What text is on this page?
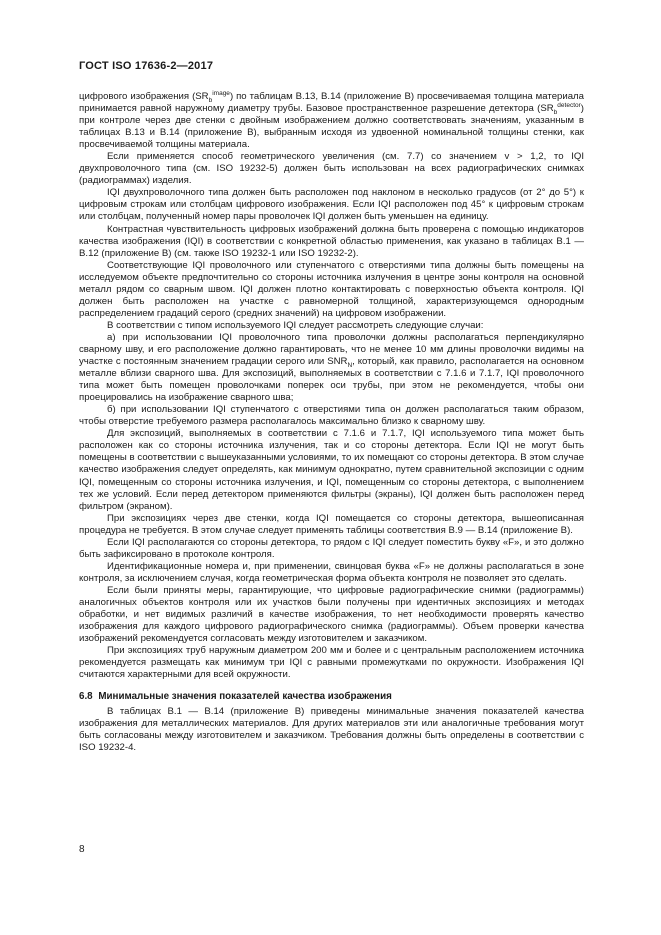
ГОСТ ISO 17636-2—2017

цифрового изображения $(SR_b^{image})$ по таблицам B.13, B.14 (приложение B) просвечиваемая толщина материала принимается равной наружному диаметру трубы. Базовое пространственное разрешение детектора $(SR_b^{detector})$ при контроле через две стенки с двойным изображением должно соответствовать значениям, указанным в таблицах B.13 и B.14 (приложение B), выбранным исходя из удвоенной номинальной толщины стенки, как просвечиваемой толщины материала.

Если применяется способ геометрического увеличения (см. 7.7) со значением v > 1,2, то IQI двухпроволочного типа (см. ISO 19232-5) должен быть использован на всех радиографических снимках (радиограммах) изделия.

IQI двухпроволочного типа должен быть расположен под наклоном в несколько градусов (от 2° до 5°) к цифровым строкам или столбцам цифрового изображения. Если IQI расположен под 45° к цифровым строкам или столбцам, полученный номер пары проволочек IQI должен быть уменьшен на единицу.

Контрастная чувствительность цифровых изображений должна быть проверена с помощью индикаторов качества изображения (IQI) в соответствии с конкретной областью применения, как указано в таблицах B.1 — B.12 (приложение B) (см. также ISO 19232-1 или ISO 19232-2).

Соответствующие IQI проволочного или ступенчатого с отверстиями типа должны быть помещены на исследуемом объекте предпочтительно со стороны источника излучения в центре зоны контроля на основной металл рядом со сварным швом. IQI должен плотно контактировать с поверхностью объекта контроля. IQI должен быть расположен на участке с равномерной толщиной, характеризующемся однородным распределением градаций серого (средних значений) на цифровом изображении.

В соответствии с типом используемого IQI следует рассмотреть следующие случаи:

а) при использовании IQI проволочного типа проволочки должны располагаться перпендикулярно сварному шву, и его расположение должно гарантировать, что не менее 10 мм длины проволочки видимы на участке с постоянным значением градации серого или $SNR_N$, который, как правило, располагается на основном металле вблизи сварного шва. Для экспозиций, выполняемых в соответствии с 7.1.6 и 7.1.7, IQI проволочного типа может быть помещен проволочками поперек оси трубы, при этом не рекомендуется, чтобы они проецировались на изображение сварного шва;

б) при использовании IQI ступенчатого с отверстиями типа он должен располагаться таким образом, чтобы отверстие требуемого размера располагалось максимально близко к сварному шву.

Для экспозиций, выполняемых в соответствии с 7.1.6 и 7.1.7, IQI используемого типа может быть расположен как со стороны источника излучения, так и со стороны детектора. Если IQI не могут быть помещены в соответствии с вышеуказанными условиями, то их помещают со стороны детектора. В этом случае качество изображения следует определять, как минимум однократно, путем сравнительной экспозиции с одним IQI, помещенным со стороны источника излучения, и IQI, помещенным со стороны детектора, с выполнением тех же условий. Если перед детектором применяются фильтры (экраны), IQI должен быть расположен перед фильтром (экраном).

При экспозициях через две стенки, когда IQI помещается со стороны детектора, вышеописанная процедура не требуется. В этом случае следует применять таблицы соответствия B.9 — B.14 (приложение B).

Если IQI располагаются со стороны детектора, то рядом с IQI следует поместить букву «F», и это должно быть зафиксировано в протоколе контроля.

Идентификационные номера и, при применении, свинцовая буква «F» не должны располагаться в зоне контроля, за исключением случая, когда геометрическая форма объекта контроля не позволяет это сделать.

Если были приняты меры, гарантирующие, что цифровые радиографические снимки (радиограммы) аналогичных объектов контроля или их участков были получены при идентичных экспозициях и методах обработки, и нет видимых различий в качестве изображения, то нет необходимости проверять качество изображения для каждого цифрового радиографического снимка (радиограммы). Объем проверки качества изображений рекомендуется согласовать между изготовителем и заказчиком.

При экспозициях труб наружным диаметром 200 мм и более и с центральным расположением источника рекомендуется размещать как минимум три IQI с равными промежутками по окружности. Изображения IQI считаются характерными для всей окружности.

6.8 Минимальные значения показателей качества изображения

В таблицах B.1 — B.14 (приложение B) приведены минимальные значения показателей качества изображения для металлических материалов. Для других материалов эти или аналогичные требования могут быть согласованы между изготовителем и заказчиком. Требования должны быть определены в соответствии с ISO 19232-4.

8
